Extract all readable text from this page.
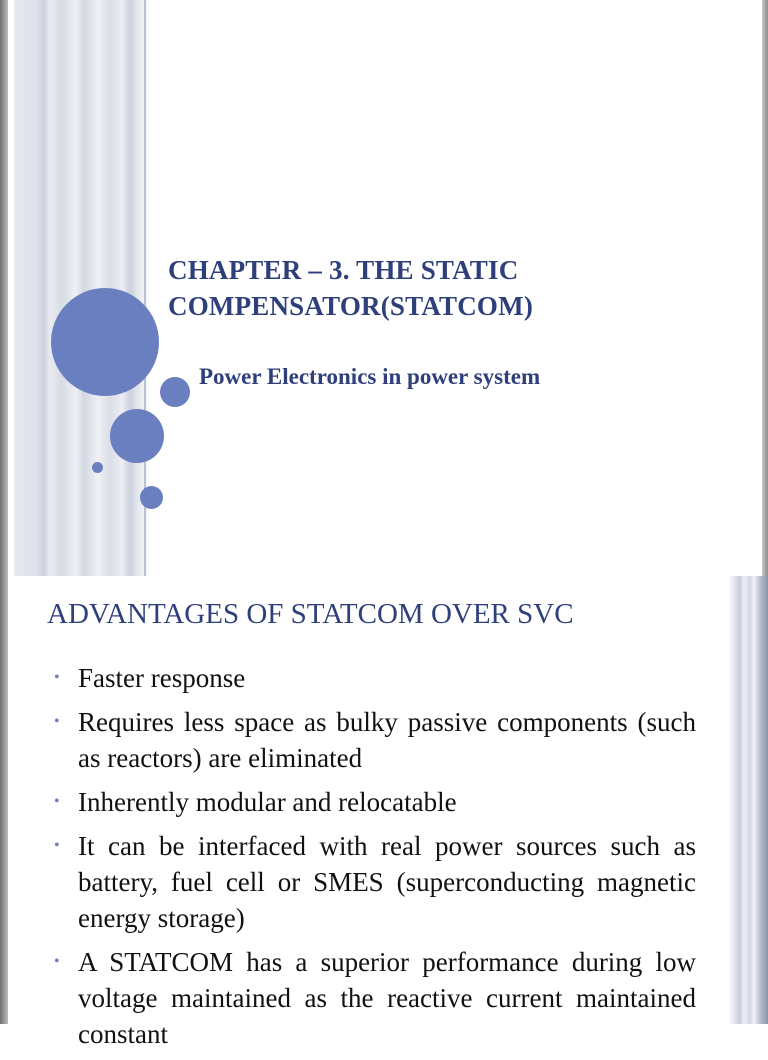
CHAPTER – 3. THE STATIC
COMPENSATOR(STATCOM)
Power Electronics in power system
ADVANTAGES OF STATCOM OVER SVC
• Faster response
• Requires less space as bulky passive components (such as reactors) are eliminated
• Inherently modular and relocatable
• It can be interfaced with real power sources such as battery, fuel cell or SMES (superconducting magnetic energy storage)
• A STATCOM has a superior performance during low voltage maintained as the reactive current maintained constant
